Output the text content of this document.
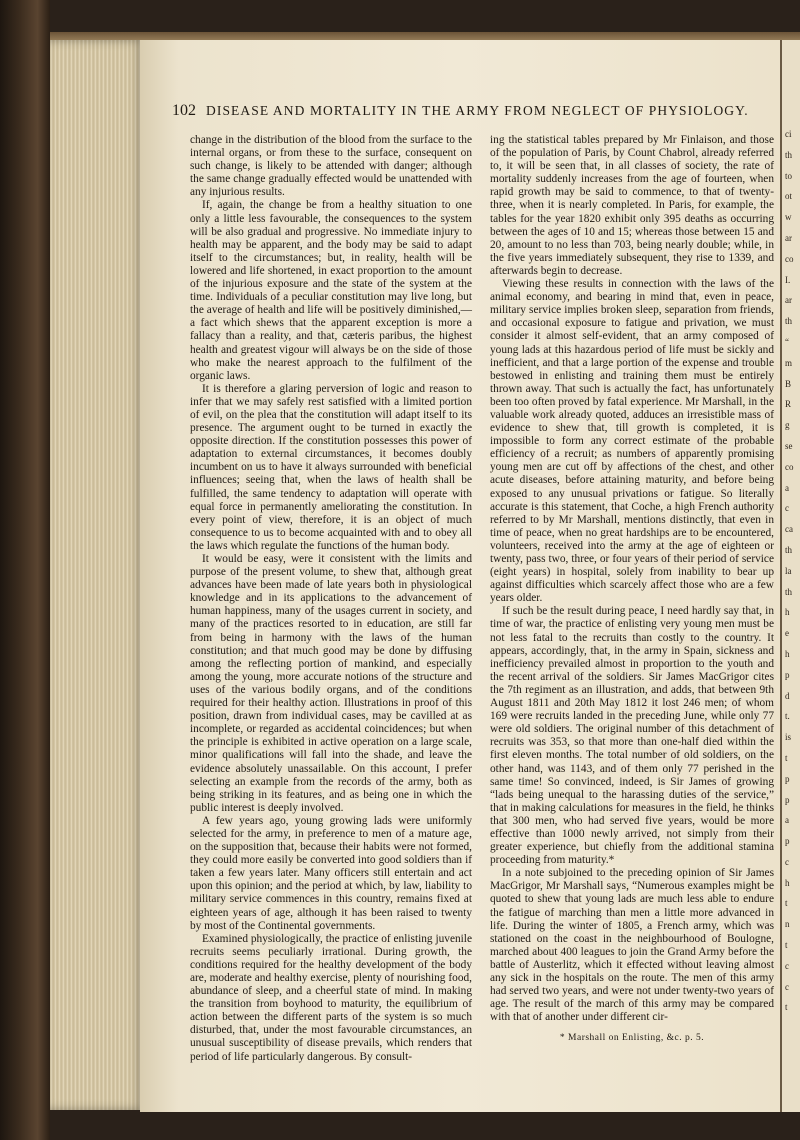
ci
th
to
ot
w
ar
co
I.
ar
th
“
m
B
R
g
se
co
a
c
ca
th
la
th
h
e
h
p
d
t.
is
t
p
p
a
p
c
h
t
n
t
c
c
t
102 DISEASE AND MORTALITY IN THE ARMY FROM NEGLECT OF PHYSIOLOGY.

change in the distribution of the blood from the surface to the internal organs, or from these to the surface, consequent on such change, is likely to be attended with danger; although the same change gradually effected would be unattended with any injurious results.

If, again, the change be from a healthy situation to one only a little less favourable, the consequences to the system will be also gradual and progressive. No immediate injury to health may be apparent, and the body may be said to adapt itself to the circumstances; but, in reality, health will be lowered and life shortened, in exact proportion to the amount of the injurious exposure and the state of the system at the time. Individuals of a peculiar constitution may live long, but the average of health and life will be positively diminished,—a fact which shews that the apparent exception is more a fallacy than a reality, and that, cæteris paribus, the highest health and greatest vigour will always be on the side of those who make the nearest approach to the fulfilment of the organic laws.

It is therefore a glaring perversion of logic and reason to infer that we may safely rest satisfied with a limited portion of evil, on the plea that the constitution will adapt itself to its presence. The argument ought to be turned in exactly the opposite direction. If the constitution possesses this power of adaptation to external circumstances, it becomes doubly incumbent on us to have it always surrounded with beneficial influences; seeing that, when the laws of health shall be fulfilled, the same tendency to adaptation will operate with equal force in permanently ameliorating the constitution. In every point of view, therefore, it is an object of much consequence to us to become acquainted with and to obey all the laws which regulate the functions of the human body.

It would be easy, were it consistent with the limits and purpose of the present volume, to shew that, although great advances have been made of late years both in physiological knowledge and in its applications to the advancement of human happiness, many of the usages current in society, and many of the practices resorted to in education, are still far from being in harmony with the laws of the human constitution; and that much good may be done by diffusing among the reflecting portion of mankind, and especially among the young, more accurate notions of the structure and uses of the various bodily organs, and of the conditions required for their healthy action. Illustrations in proof of this position, drawn from individual cases, may be cavilled at as incomplete, or regarded as accidental coincidences; but when the principle is exhibited in active operation on a large scale, minor qualifications will fall into the shade, and leave the evidence absolutely unassailable. On this account, I prefer selecting an example from the records of the army, both as being striking in its features, and as being one in which the public interest is deeply involved.

A few years ago, young growing lads were uniformly selected for the army, in preference to men of a mature age, on the supposition that, because their habits were not formed, they could more easily be converted into good soldiers than if taken a few years later. Many officers still entertain and act upon this opinion; and the period at which, by law, liability to military service commences in this country, remains fixed at eighteen years of age, although it has been raised to twenty by most of the Continental governments.

Examined physiologically, the practice of enlisting juvenile recruits seems peculiarly irrational. During growth, the conditions required for the healthy development of the body are, moderate and healthy exercise, plenty of nourishing food, abundance of sleep, and a cheerful state of mind. In making the transition from boyhood to maturity, the equilibrium of action between the different parts of the system is so much disturbed, that, under the most favourable circumstances, an unusual susceptibility of disease prevails, which renders that period of life particularly dangerous. By consult-

ing the statistical tables prepared by Mr Finlaison, and those of the population of Paris, by Count Chabrol, already referred to, it will be seen that, in all classes of society, the rate of mortality suddenly increases from the age of fourteen, when rapid growth may be said to commence, to that of twenty-three, when it is nearly completed. In Paris, for example, the tables for the year 1820 exhibit only 395 deaths as occurring between the ages of 10 and 15; whereas those between 15 and 20, amount to no less than 703, being nearly double; while, in the five years immediately subsequent, they rise to 1339, and afterwards begin to decrease.

Viewing these results in connection with the laws of the animal economy, and bearing in mind that, even in peace, military service implies broken sleep, separation from friends, and occasional exposure to fatigue and privation, we must consider it almost self-evident, that an army composed of young lads at this hazardous period of life must be sickly and inefficient, and that a large portion of the expense and trouble bestowed in enlisting and training them must be entirely thrown away. That such is actually the fact, has unfortunately been too often proved by fatal experience. Mr Marshall, in the valuable work already quoted, adduces an irresistible mass of evidence to shew that, till growth is completed, it is impossible to form any correct estimate of the probable efficiency of a recruit; as numbers of apparently promising young men are cut off by affections of the chest, and other acute diseases, before attaining maturity, and before being exposed to any unusual privations or fatigue. So literally accurate is this statement, that Coche, a high French authority referred to by Mr Marshall, mentions distinctly, that even in time of peace, when no great hardships are to be encountered, volunteers, received into the army at the age of eighteen or twenty, pass two, three, or four years of their period of service (eight years) in hospital, solely from inability to bear up against difficulties which scarcely affect those who are a few years older.

If such be the result during peace, I need hardly say that, in time of war, the practice of enlisting very young men must be not less fatal to the recruits than costly to the country. It appears, accordingly, that, in the army in Spain, sickness and inefficiency prevailed almost in proportion to the youth and the recent arrival of the soldiers. Sir James MacGrigor cites the 7th regiment as an illustration, and adds, that between 9th August 1811 and 20th May 1812 it lost 246 men; of whom 169 were recruits landed in the preceding June, while only 77 were old soldiers. The original number of this detachment of recruits was 353, so that more than one-half died within the first eleven months. The total number of old soldiers, on the other hand, was 1143, and of them only 77 perished in the same time! So convinced, indeed, is Sir James of growing “lads being unequal to the harassing duties of the service,” that in making calculations for measures in the field, he thinks that 300 men, who had served five years, would be more effective than 1000 newly arrived, not simply from their greater experience, but chiefly from the additional stamina proceeding from maturity.*

In a note subjoined to the preceding opinion of Sir James MacGrigor, Mr Marshall says, “Numerous examples might be quoted to shew that young lads are much less able to endure the fatigue of marching than men a little more advanced in life. During the winter of 1805, a French army, which was stationed on the coast in the neighbourhood of Boulogne, marched about 400 leagues to join the Grand Army before the battle of Austerlitz, which it effected without leaving almost any sick in the hospitals on the route. The men of this army had served two years, and were not under twenty-two years of age. The result of the march of this army may be compared with that of another under different cir-

* Marshall on Enlisting, &c. p. 5.
